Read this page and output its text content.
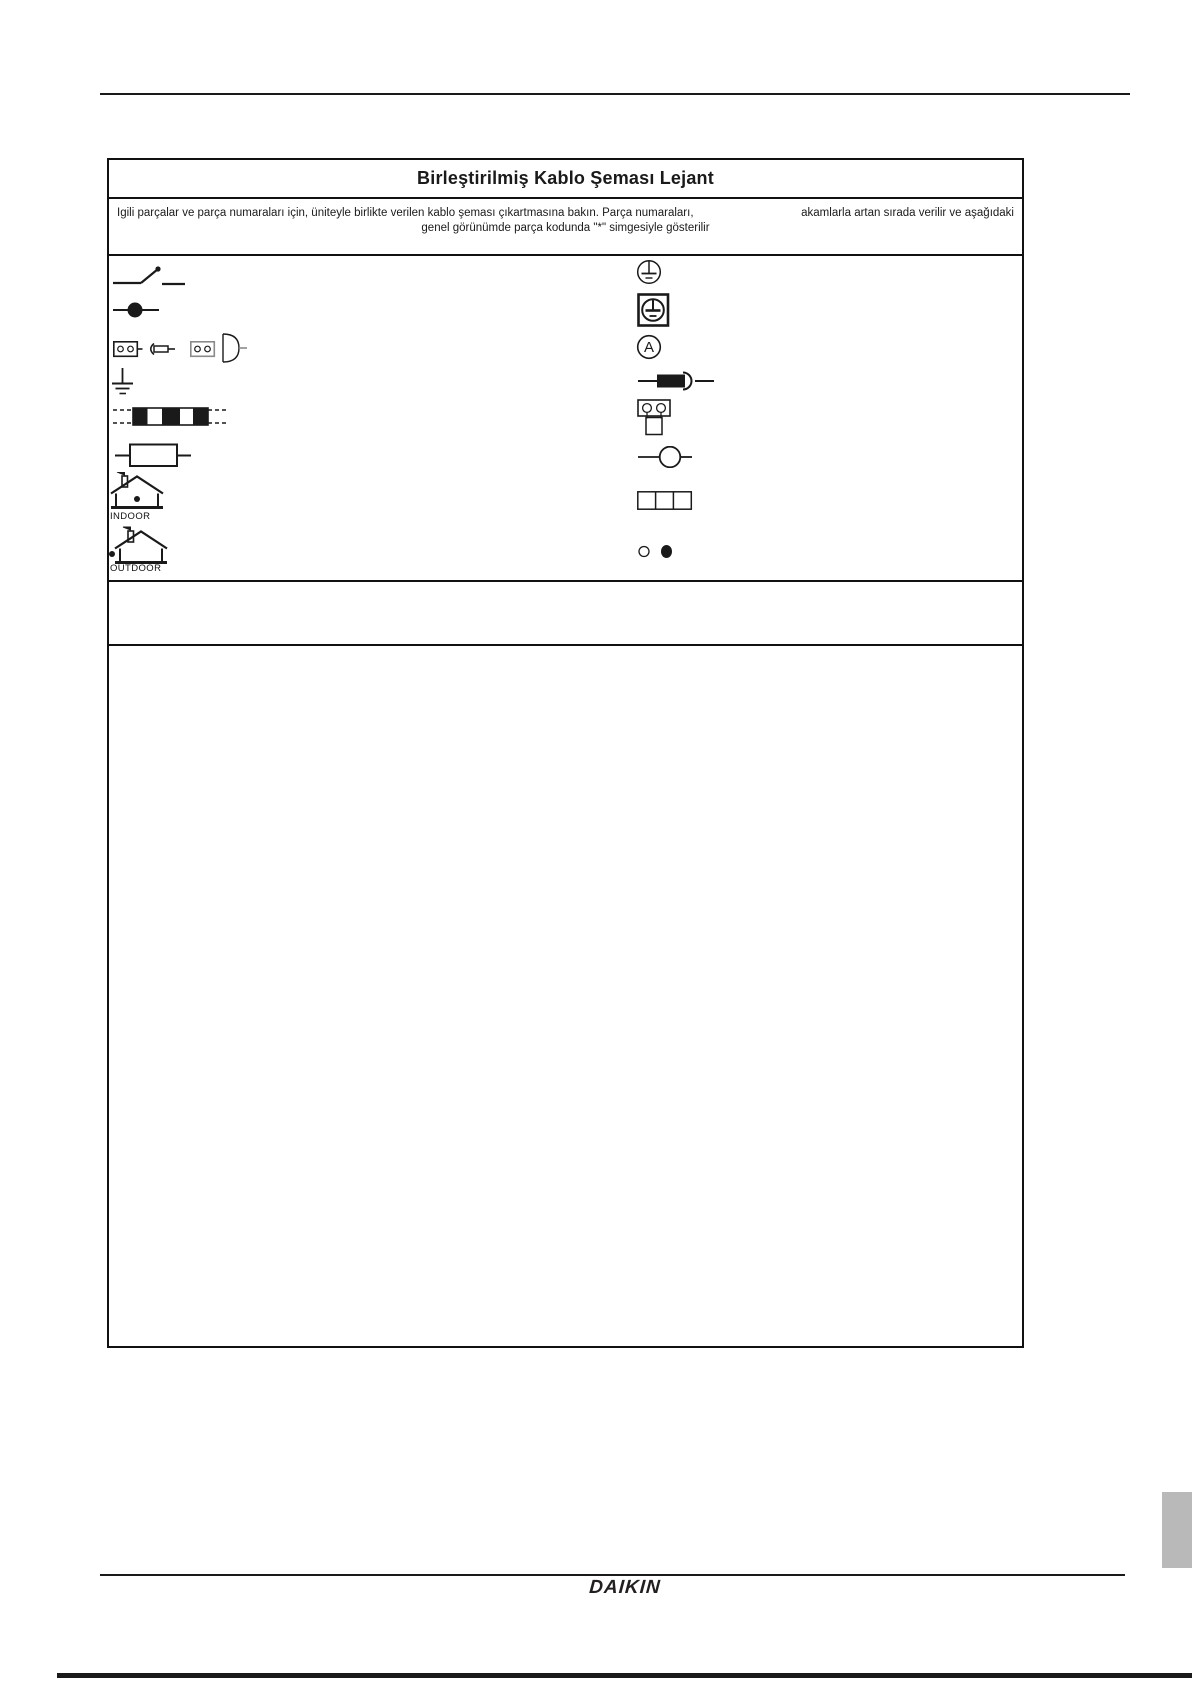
Birleştirilmiş Kablo Şeması Lejant
Igili parçalar ve parça numaraları için, üniteyle birlikte verilen kablo şeması çıkartmasına bakın. Parça numaraları,	akamlarla artan sırada verilir ve aşağıdaki
genel görünümde parça kodunda "*" simgesiyle gösterilir
INDOOR
OUTDOOR
A
DAIKIN
